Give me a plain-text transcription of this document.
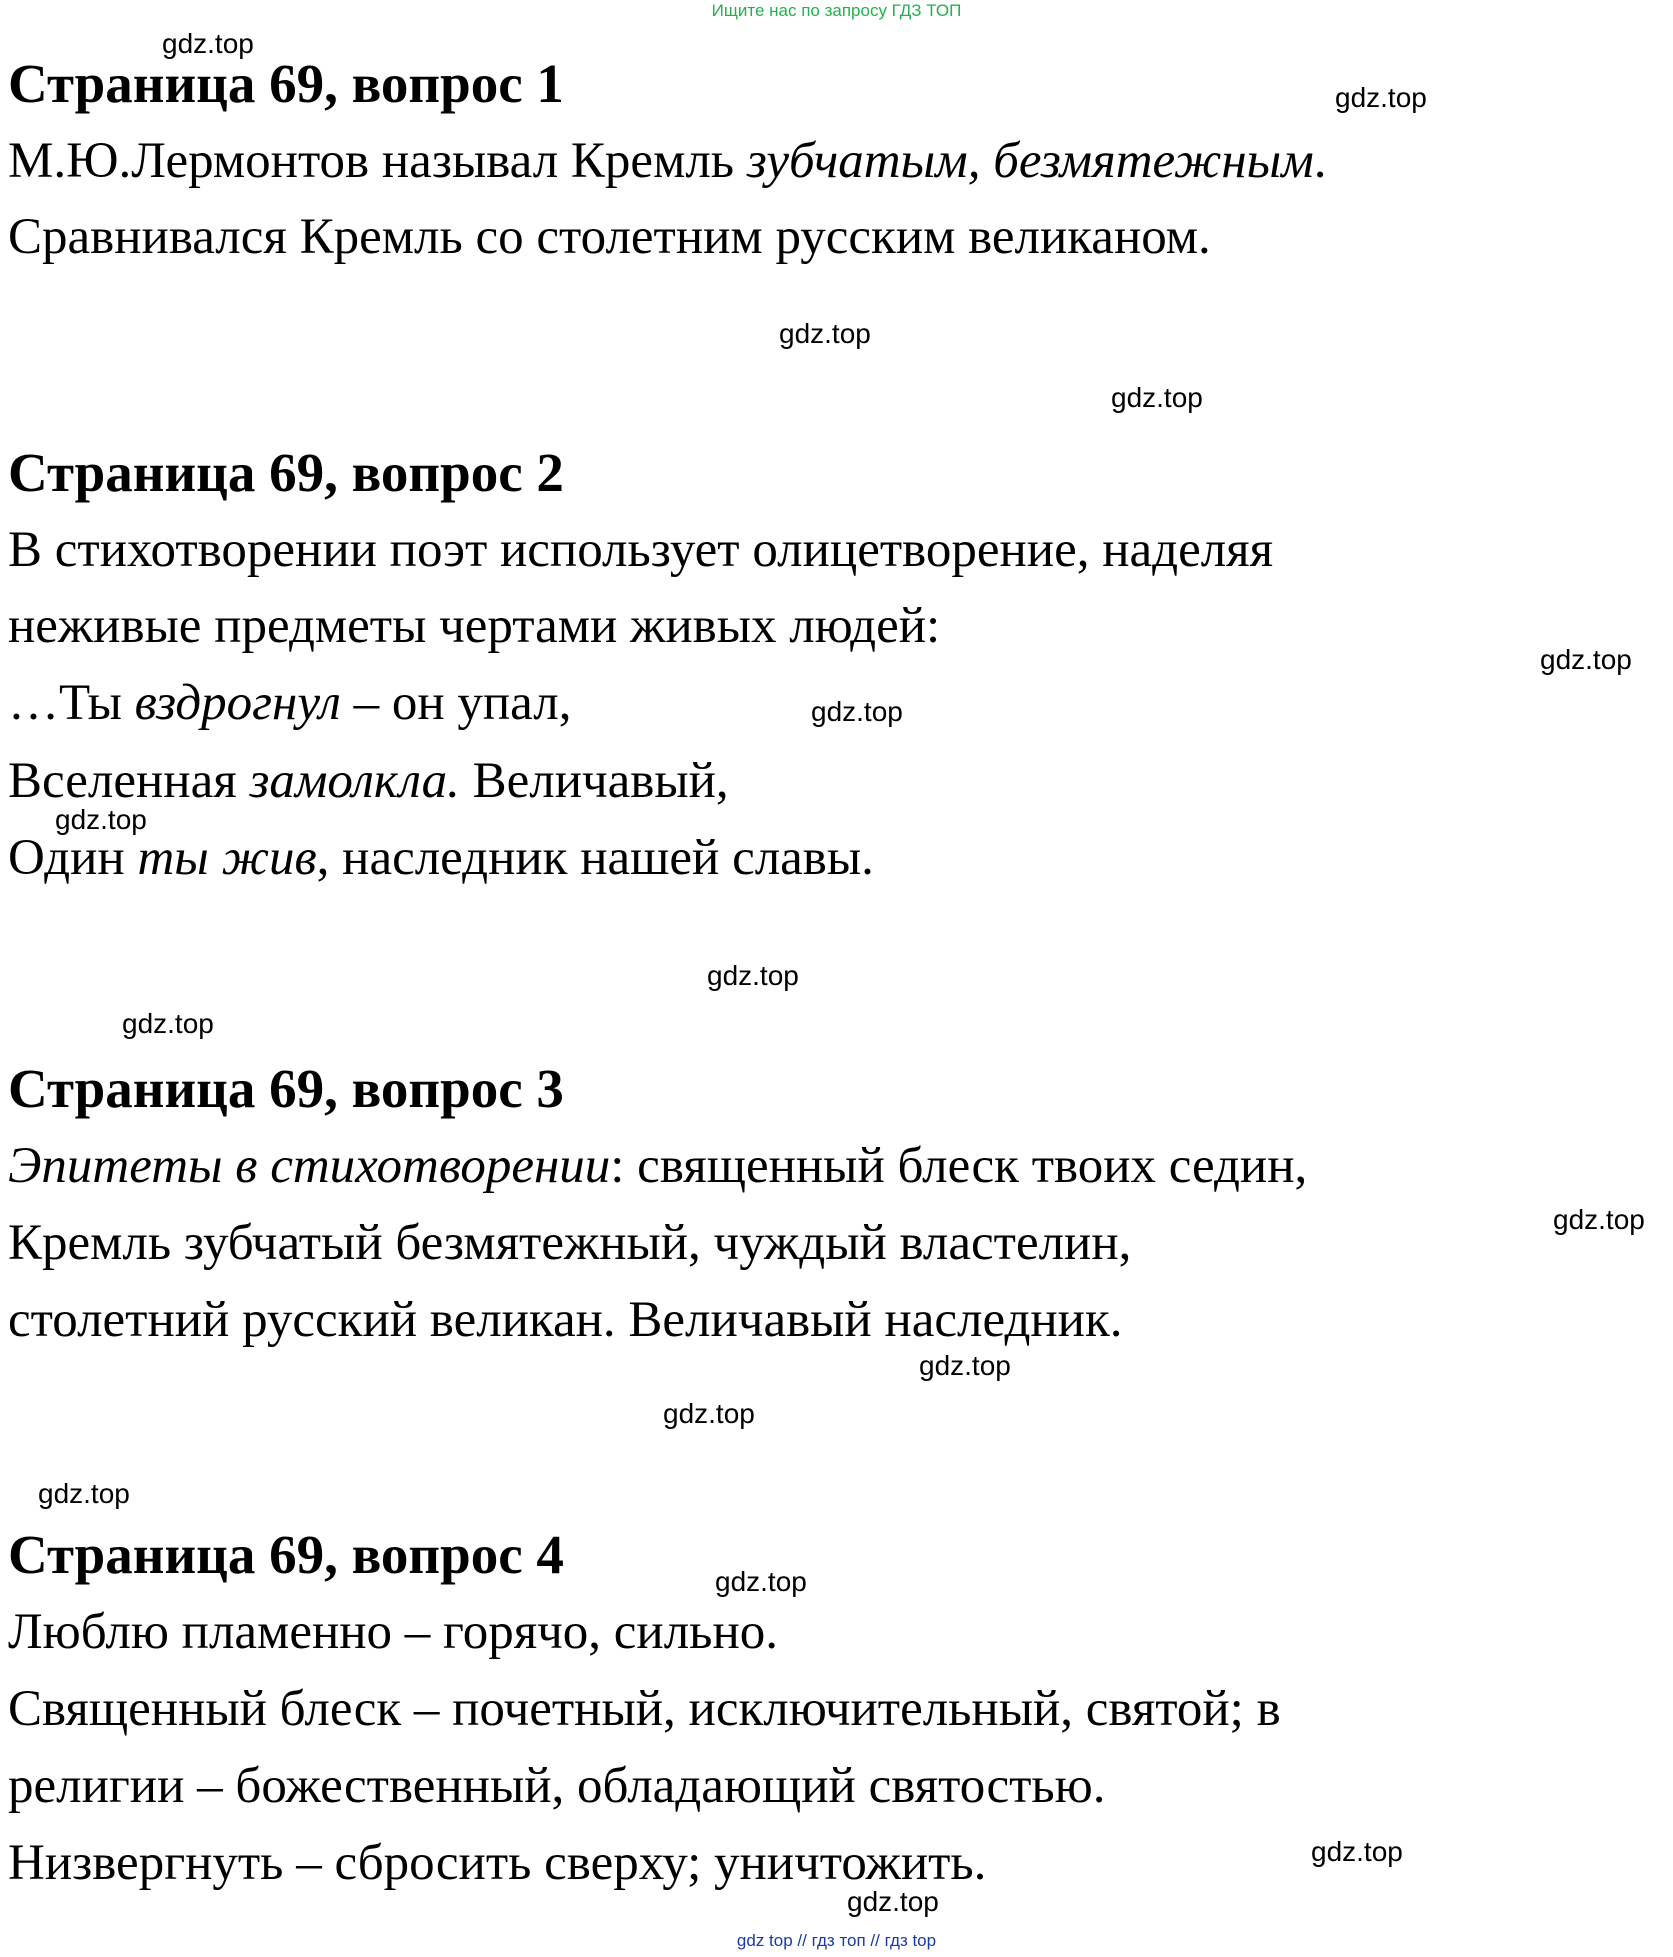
Ищите нас по запросу ГДЗ ТОП
gdz.top
gdz.top
gdz.top
gdz.top
gdz.top
gdz.top
gdz.top
gdz.top
gdz.top
gdz.top
gdz.top
gdz.top
gdz.top
gdz.top
gdz.top
gdz.top
Страница 69, вопрос 1
М.Ю.Лермонтов называл Кремль зубчатым, безмятежным.
Сравнивался Кремль со столетним русским великаном.
Страница 69, вопрос 2
В стихотворении поэт использует олицетворение, наделяя
неживые предметы чертами живых людей:
…Ты вздрогнул – он упал,
Вселенная замолкла. Величавый,
Один ты жив, наследник нашей славы.
Страница 69, вопрос 3
Эпитеты в стихотворении: священный блеск твоих седин,
Кремль зубчатый безмятежный, чуждый властелин,
столетний русский великан. Величавый наследник.
Страница 69, вопрос 4
Люблю пламенно – горячо, сильно.
Священный блеск – почетный, исключительный, святой; в
религии – божественный, обладающий святостью.
Низвергнуть – сбросить сверху; уничтожить.
gdz top // гдз топ // гдз top
